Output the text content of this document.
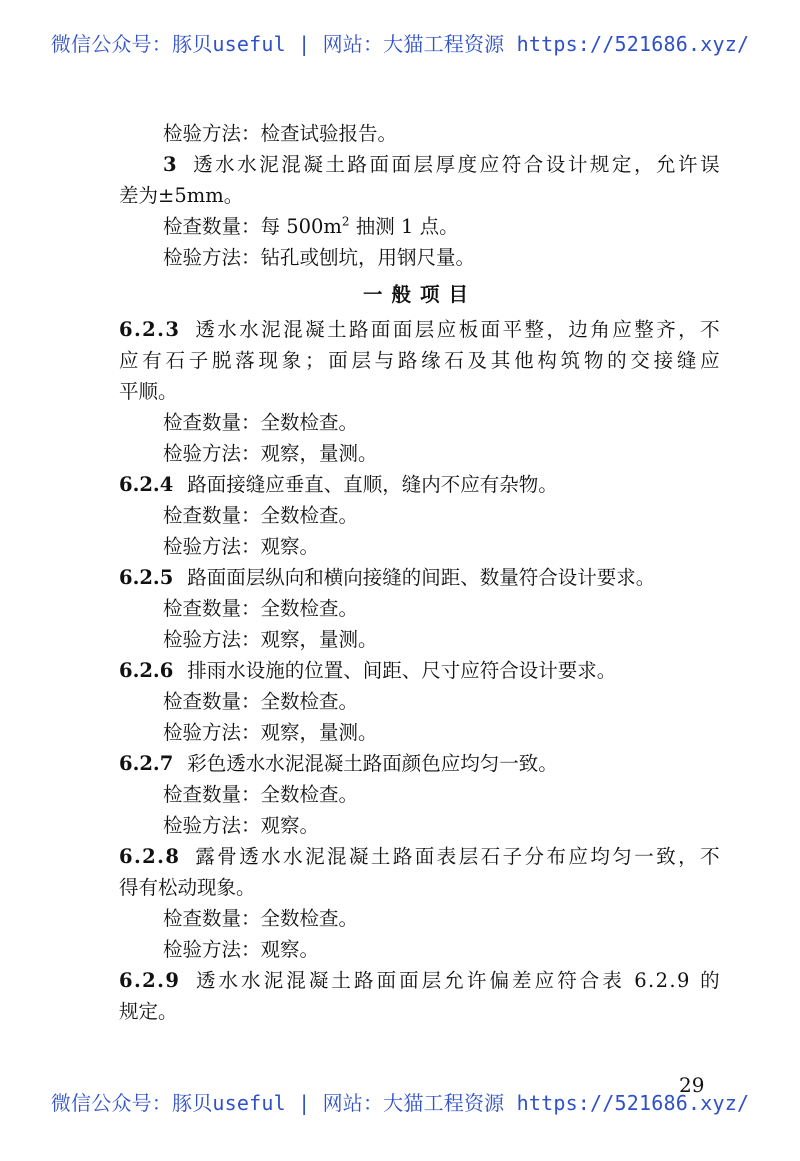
微信公众号：豚贝useful | 网站：大猫工程资源 https://521686.xyz/
检验方法：检查试验报告。
3 透水水泥混凝土路面面层厚度应符合设计规定，允许误
差为±5mm。
检查数量：每 $500m^2$ 抽测 1 点。
检验方法：钻孔或刨坑，用钢尺量。
一般项目
6.2.3 透水水泥混凝土路面面层应板面平整，边角应整齐，不
应有石子脱落现象；面层与路缘石及其他构筑物的交接缝应
平顺。
检查数量：全数检查。
检验方法：观察，量测。
6.2.4 路面接缝应垂直、直顺，缝内不应有杂物。
检查数量：全数检查。
检验方法：观察。
6.2.5 路面面层纵向和横向接缝的间距、数量符合设计要求。
检查数量：全数检查。
检验方法：观察，量测。
6.2.6 排雨水设施的位置、间距、尺寸应符合设计要求。
检查数量：全数检查。
检验方法：观察，量测。
6.2.7 彩色透水水泥混凝土路面颜色应均匀一致。
检查数量：全数检查。
检验方法：观察。
6.2.8 露骨透水水泥混凝土路面表层石子分布应均匀一致，不
得有松动现象。
检查数量：全数检查。
检验方法：观察。
6.2.9 透水水泥混凝土路面面层允许偏差应符合表 6.2.9 的
规定。
29
微信公众号：豚贝useful | 网站：大猫工程资源 https://521686.xyz/
